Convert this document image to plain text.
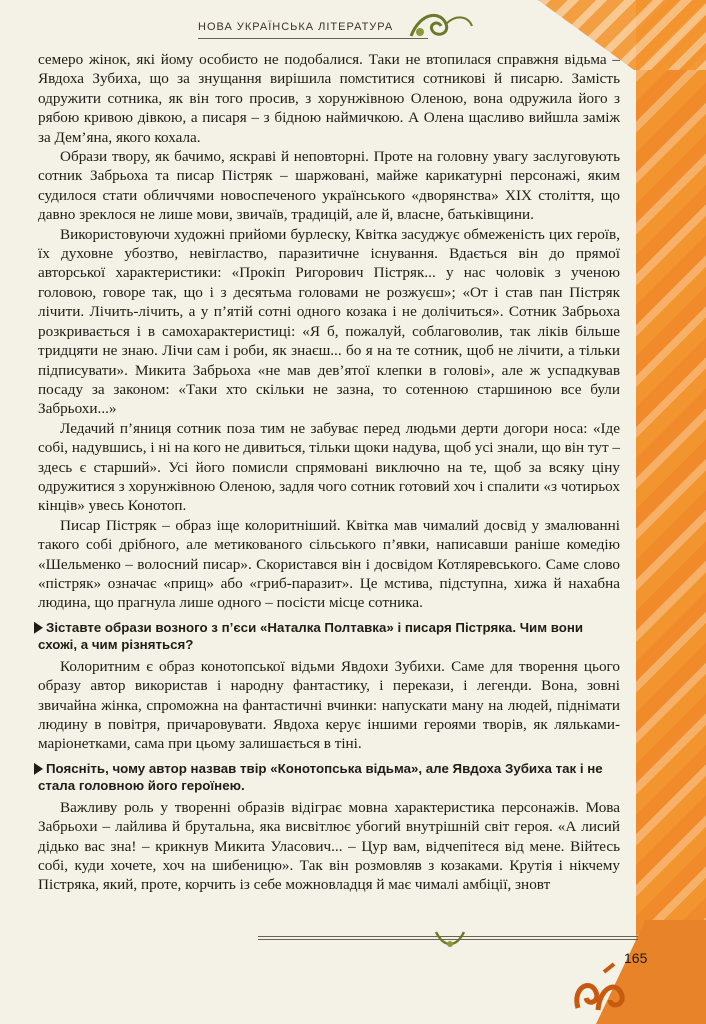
НОВА УКРАЇНСЬКА ЛІТЕРАТУРА

семеро жінок, які йому особисто не подобалися. Таки не втопилася справжня відьма – Явдоха Зубиха, що за знущання вирішила помститися сотникові й писарю. Замість одружити сотника, як він того просив, з хорунжівною Оленою, вона одружила його з рябою кривою дівкою, а писаря – з бідною наймичкою. А Олена щасливо вийшла заміж за Дем’яна, якого кохала.

Образи твору, як бачимо, яскраві й неповторні. Проте на головну увагу заслуговують сотник Забрьоха та писар Пістряк – шаржовані, майже карикатурні персонажі, яким судилося стати обличчями новоспеченого українського «дворянства» XIX століття, що давно зреклося не лише мови, звичаїв, традицій, але й, власне, батьківщини.

Використовуючи художні прийоми бурлеску, Квітка засуджує обмеженість цих героїв, їх духовне убозтво, невігластво, паразитичне існування. Вдається він до прямої авторської характеристики: «Прокіп Ригорович Пістряк... у нас чоловік з ученою головою, говоре так, що і з десятьма головами не розжуєш»; «От і став пан Пістряк лічити. Лічить-лічить, а у п’ятій сотні одного козака і не долічиться». Сотник Забрьоха розкривається і в самохарактеристиці: «Я б, пожалуй, соблаговолив, так ліків більше тридцяти не знаю. Лічи сам і роби, як знаєш... бо я на те сотник, щоб не лічити, а тільки підписувати». Микита Забрьоха «не мав дев’ятої клепки в голові», але ж успадкував посаду за законом: «Таки хто скільки не зазна, то сотенною старшиною все були Забрьохи...»

Ледачий п’яниця сотник поза тим не забуває перед людьми дерти догори носа: «Іде собі, надувшись, і ні на кого не дивиться, тільки щоки надува, щоб усі знали, що він тут – здесь є старший». Усі його помисли спрямовані виключно на те, щоб за всяку ціну одружитися з хорунжівною Оленою, задля чого сотник готовий хоч і спалити «з чотирьох кінців» увесь Конотоп.

Писар Пістряк – образ іще колоритніший. Квітка мав чималий досвід у змалюванні такого собі дрібного, але метикованого сільського п’явки, написавши раніше комедію «Шельменко – волосний писар». Скористався він і досвідом Котляревського. Саме слово «пістряк» означає «прищ» або «гриб-паразит». Це мстива, підступна, хижа й нахабна людина, що прагнула лише одного – посісти місце сотника.

Зіставте образи возного з п’єси «Наталка Полтавка» і писаря Пістряка. Чим вони схожі, а чим різняться?

Колоритним є образ конотопської відьми Явдохи Зубихи. Саме для творення цього образу автор використав і народну фантастику, і перекази, і легенди. Вона, зовні звичайна жінка, спроможна на фантастичні вчинки: напускати ману на людей, піднімати людину в повітря, причаровувати. Явдоха керує іншими героями творів, як ляльками-маріонетками, сама при цьому залишається в тіні.

Поясніть, чому автор назвав твір «Конотопська відьма», але Явдоха Зубиха так і не стала головною його героїнею.

Важливу роль у творенні образів відіграє мовна характеристика персонажів. Мова Забрьохи – лайлива й брутальна, яка висвітлює убогий внутрішній світ героя. «А лисий дідько вас зна! – крикнув Микита Уласович... – Цур вам, відчепітеся від мене. Війтесь собі, куди хочете, хоч на шибеницю». Так він розмовляв з козаками. Крутія і нікчему Пістряка, який, проте, корчить із себе можновладця й має чималі амбіції, зновт

165
